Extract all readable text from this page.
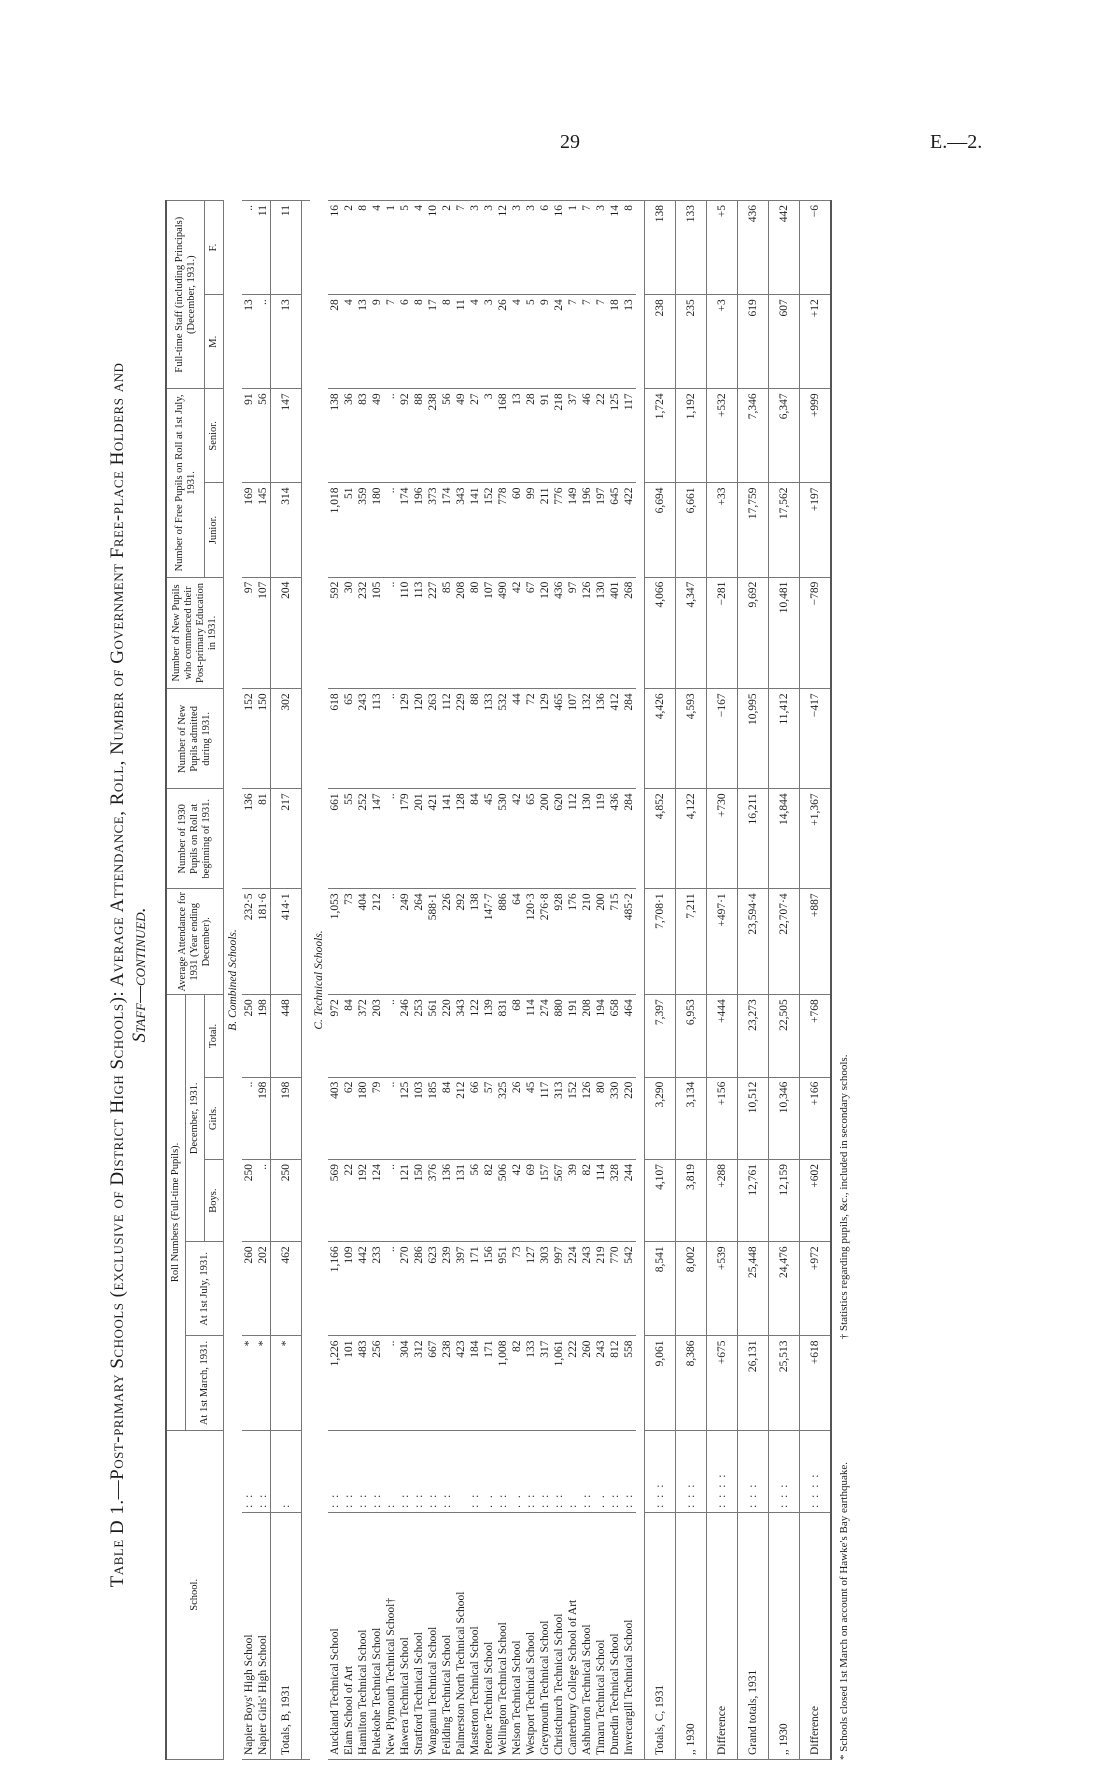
29	E.—2.
Table D 1.—Post-primary Schools (exclusive of District High Schools): Average Attendance, Roll, Number of Government Free-place Holders and Staff—continued.
School.		Roll Numbers (Full-time Pupils).					Average Attendance for 1931 (Year ending December).	Number of 1930 Pupils on Roll at beginning of 1931.	Number of New Pupils admitted during 1931.	Number of New Pupils who commenced their Post-primary Education in 1931.	Number of Free Pupils on Roll at 1st July, 1931.		Full-time Staff (including Principals) (December, 1931.)	
		At 1st March, 1931.	At 1st July, 1931.	December, 1931.										
				Boys.	Girls.	Total.					Junior.	Senior.	M.	F.
B. Combined Schools.														
Napier Boys' High School	: :	*	260	250	..	250	232·5	136	152	97	169	91	13	..
Napier Girls' High School	: :	*	202	..	198	198	181·6	81	150	107	145	56	..	11
Totals, B, 1931	:	*	462	250	198	448	414·1	217	302	204	314	147	13	11

C. Technical Schools.														
Auckland Technical School	: :	1,226	1,166	569	403	972	1,053	661	618	592	1,018	138	28	16
Elam School of Art	: :	101	109	22	62	84	73	55	65	30	51	36	4	2
Hamilton Technical School	: :	483	442	192	180	372	404	252	243	232	359	83	13	8
Pukekohe Technical School	: :	256	233	124	79	203	212	147	113	105	180	49	9	4
New Plymouth Technical School†	:	..	..	..	..	..	..	..	..	..	..	..	7	1
Hawera Technical School	: :	304	270	121	125	246	249	179	129	110	174	92	6	5
Stratford Technical School	: :	312	286	150	103	253	264	201	120	113	196	88	8	4
Wanganui Technical School	: :	667	623	376	185	561	588·1	421	263	227	373	238	17	10
Feilding Technical School	: :	238	239	136	84	220	226	141	112	85	174	56	8	2
Palmerston North Technical School		423	397	131	212	343	292	128	229	208	343	49	11	7
Masterton Technical School	: :	184	171	56	66	122	138	84	88	80	141	27	4	3
Petone Technical School	. .	171	156	82	57	139	147·7	45	133	107	152	3	3	3
Wellington Technical School	: :	1,008	951	506	325	831	886	530	532	490	778	168	26	12
Nelson Technical School	. .	82	73	42	26	68	64	42	44	42	60	13	4	3
Westport Technical School	: :	133	127	69	45	114	120·3	65	72	67	99	28	5	3
Greymouth Technical School	: :	317	303	157	117	274	276·8	200	129	120	211	91	9	6
Christchurch Technical School	: :	1,061	997	567	313	880	928	620	465	436	776	218	24	16
Canterbury College School of Art	:	222	224	39	152	191	176	112	107	97	149	37	7	1
Ashburton Technical School	: :	260	243	82	126	208	210	130	132	126	196	46	7	7
Timaru Technical School	. .	243	219	114	80	194	200	119	136	130	197	22	7	3
Dunedin Technical School	: :	812	770	328	330	658	715	436	412	401	645	125	18	14
Invercargill Technical School	: :	558	542	244	220	464	485·2	284	284	268	422	117	13	8

Totals, C, 1931	: : :	9,061	8,541	4,107	3,290	7,397	7,708·1	4,852	4,426	4,066	6,694	1,724	238	138
,, 1930	: : :	8,386	8,002	3,819	3,134	6,953	7,211	4,122	4,593	4,347	6,661	1,192	235	133
Difference	: : : :	+675	+539	+288	+156	+444	+497·1	+730	−167	−281	+33	+532	+3	+5
Grand totals, 1931	: : :	26,131	25,448	12,761	10,512	23,273	23,594·4	16,211	10,995	9,692	17,759	7,346	619	436
,, 1930	: : :	25,513	24,476	12,159	10,346	22,505	22,707·4	14,844	11,412	10,481	17,562	6,347	607	442
Difference	: : : :	+618	+972	+602	+166	+768	+887	+1,367	−417	−789	+197	+999	+12	−6
* Schools closed 1st March on account of Hawke's Bay earthquake. † Statistics regarding pupils, &c., included in secondary schools.
